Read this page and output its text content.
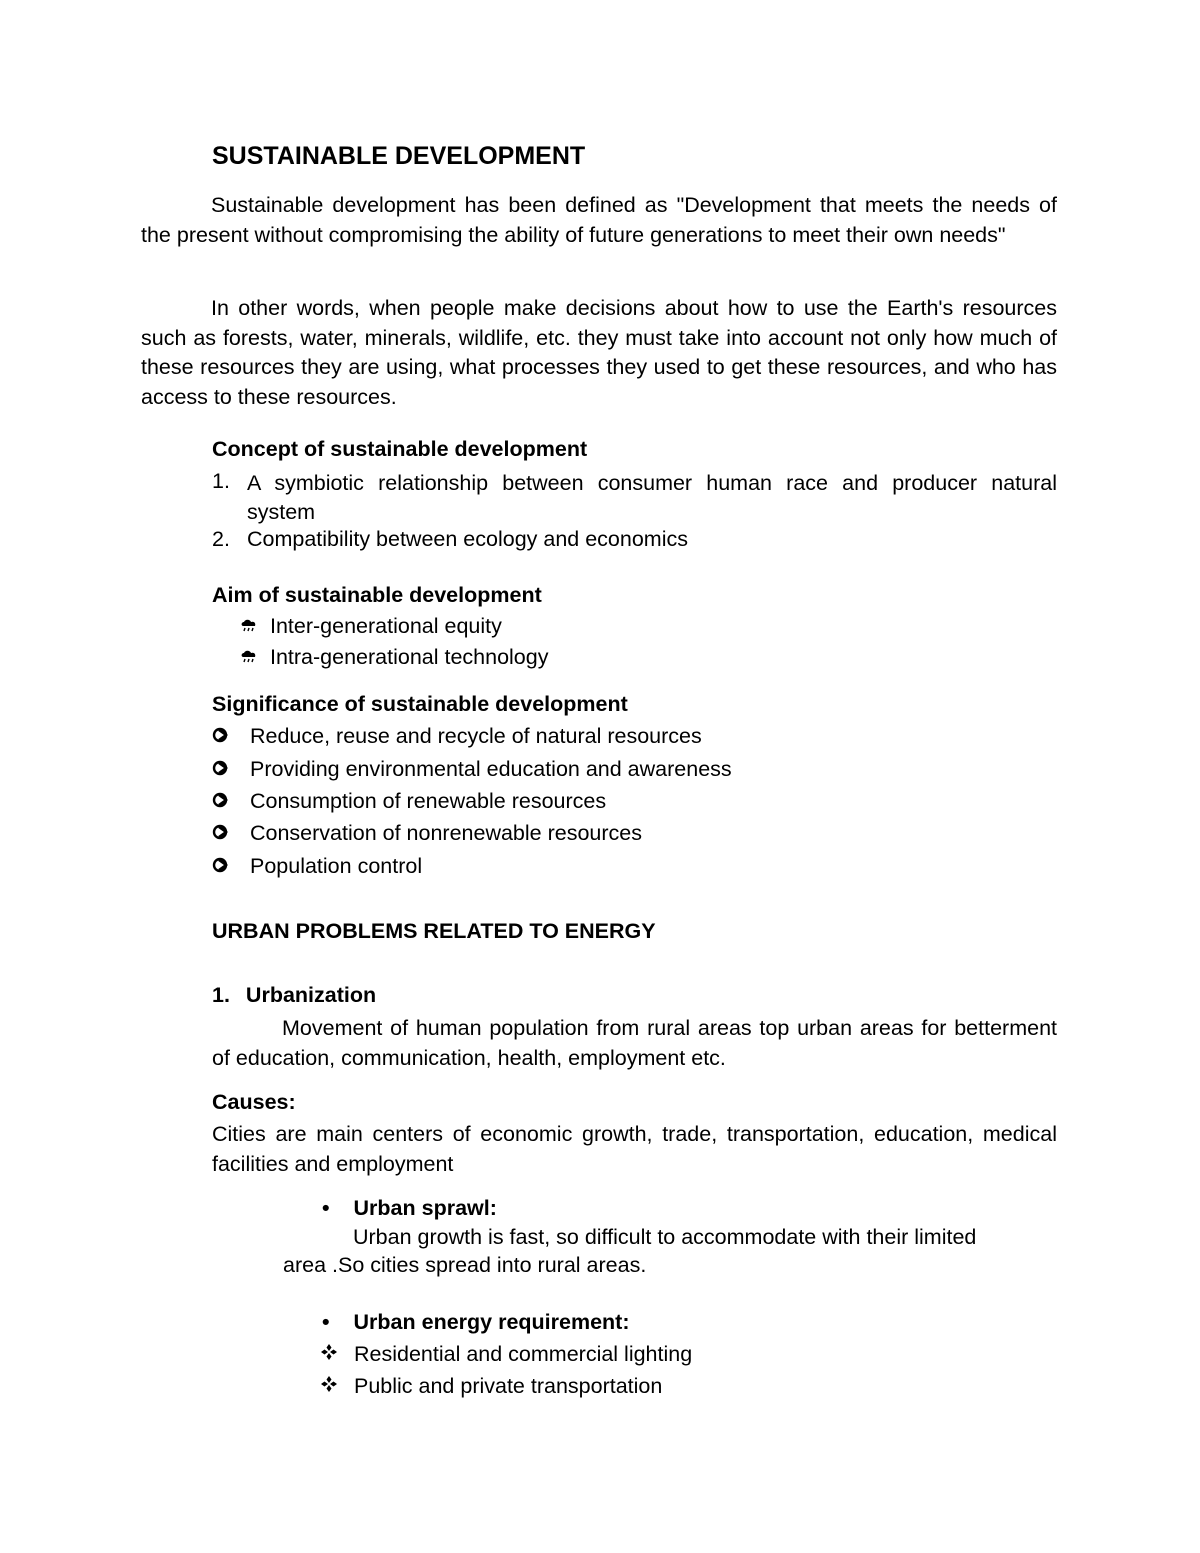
SUSTAINABLE DEVELOPMENT

Sustainable development has been defined as "Development that meets the needs of the present without compromising the ability of future generations to meet their own needs"

In other words, when people make decisions about how to use the Earth's resources such as forests, water, minerals, wildlife, etc. they must take into account not only how much of these resources they are using, what processes they used to get these resources, and who has access to these resources.

Concept of sustainable development
1. A symbiotic relationship between consumer human race and producer natural
system
2. Compatibility between ecology and economics
Aim of sustainable development
Inter-generational equity
Intra-generational technology
Significance of sustainable development
Reduce, reuse and recycle of natural resources
Providing environmental education and awareness
Consumption of renewable resources
Conservation of nonrenewable resources
Population control
URBAN PROBLEMS RELATED TO ENERGY
1. Urbanization

Movement of human population from rural areas top urban areas for betterment of education, communication, health, employment etc.

Causes:

Cities are main centers of economic growth, trade, transportation, education, medical facilities and employment

• Urban sprawl:
Urban growth is fast, so difficult to accommodate with their limited
area .So cities spread into rural areas.
• Urban energy requirement:
Residential and commercial lighting
Public and private transportation
